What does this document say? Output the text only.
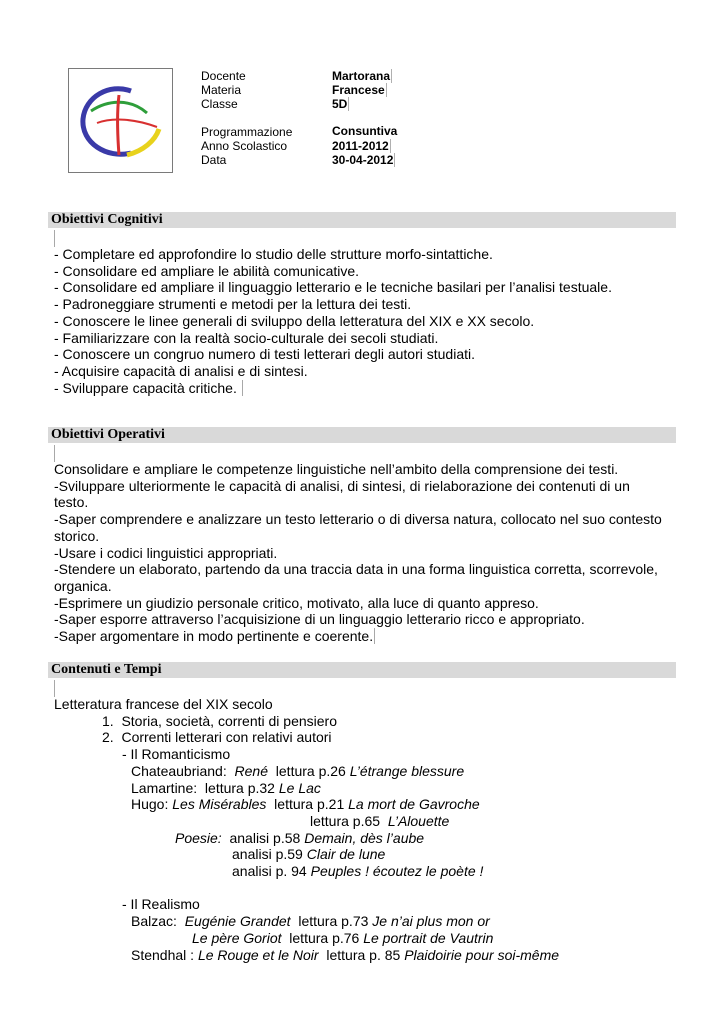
Docente
Materia
Classe
Programmazione
Anno Scolastico
Data
Martorana
Francese
5D
Consuntiva
2011-2012
30-04-2012
Obiettivi Cognitivi
- Completare ed approfondire lo studio delle strutture morfo-sintattiche.
- Consolidare ed ampliare le abilità comunicative.
- Consolidare ed ampliare il linguaggio letterario e le tecniche basilari per l’analisi testuale.
- Padroneggiare strumenti e metodi per la lettura dei testi.
- Conoscere le linee generali di sviluppo della letteratura del XIX e XX secolo.
- Familiarizzare con la realtà socio-culturale dei secoli studiati.
- Conoscere un congruo numero di testi letterari degli autori studiati.
- Acquisire capacità di analisi e di sintesi.
- Sviluppare capacità critiche.
Obiettivi Operativi
Consolidare e ampliare le competenze linguistiche nell’ambito della comprensione dei testi.
-Sviluppare ulteriormente le capacità di analisi, di sintesi, di rielaborazione dei contenuti di un testo.
-Saper comprendere e analizzare un testo letterario o di diversa natura, collocato nel suo contesto storico.
-Usare i codici linguistici appropriati.
-Stendere un elaborato, partendo da una traccia data in una forma linguistica corretta, scorrevole, organica.
-Esprimere un giudizio personale critico, motivato, alla luce di quanto appreso.
-Saper esporre attraverso l’acquisizione di un linguaggio letterario ricco e appropriato.
-Saper argomentare in modo pertinente e coerente.
Contenuti e Tempi
Letteratura francese del XIX secolo
1.  Storia, società, correnti di pensiero
2.  Correnti letterari con relativi autori
- Il Romanticismo
Chateaubriand:  René  lettura p.26 L’étrange blessure
Lamartine:  lettura p.32 Le Lac
Hugo: Les Misérables  lettura p.21 La mort de Gavroche
lettura p.65  L’Alouette
Poesie:  analisi p.58 Demain, dès l’aube
analisi p.59 Clair de lune
analisi p. 94 Peuples ! écoutez le poète !
- Il Realismo
Balzac:  Eugénie Grandet  lettura p.73 Je n’ai plus mon or
Le père Goriot  lettura p.76 Le portrait de Vautrin
Stendhal : Le Rouge et le Noir  lettura p. 85 Plaidoirie pour soi-même
